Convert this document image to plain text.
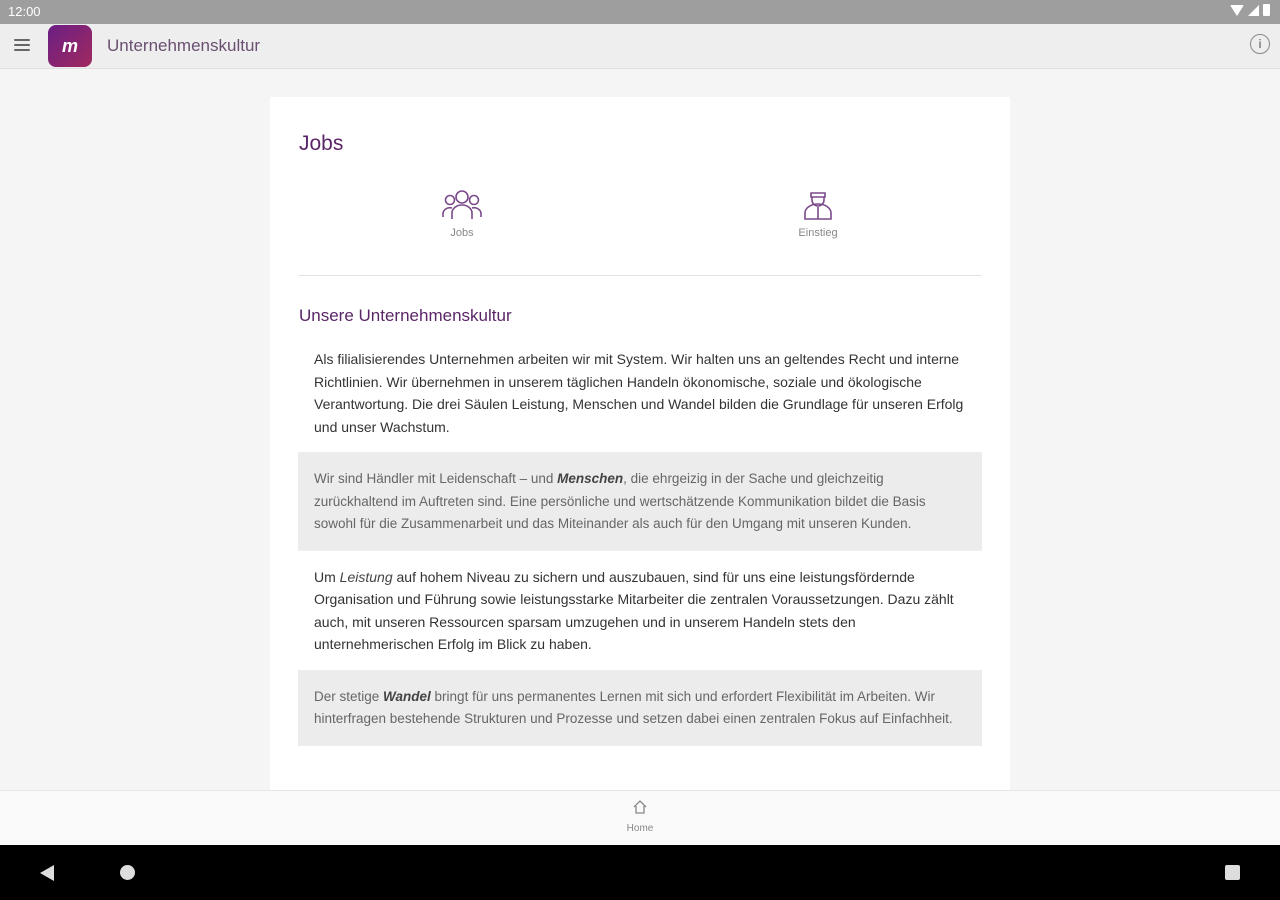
12:00
m Unternehmenskultur	i
Jobs
Jobs	Einstieg
Unsere Unternehmenskultur
Als filialisierendes Unternehmen arbeiten wir mit System. Wir halten uns an geltendes Recht und interne Richtlinien. Wir übernehmen in unserem täglichen Handeln ökonomische, soziale und ökologische Verantwortung. Die drei Säulen Leistung, Menschen und Wandel bilden die Grundlage für unseren Erfolg und unser Wachstum.
Wir sind Händler mit Leidenschaft – und Menschen, die ehrgeizig in der Sache und gleichzeitig zurückhaltend im Auftreten sind. Eine persönliche und wertschätzende Kommunikation bildet die Basis sowohl für die Zusammenarbeit und das Miteinander als auch für den Umgang mit unseren Kunden.
Um Leistung auf hohem Niveau zu sichern und auszubauen, sind für uns eine leistungsfördernde Organisation und Führung sowie leistungsstarke Mitarbeiter die zentralen Voraussetzungen. Dazu zählt auch, mit unseren Ressourcen sparsam umzugehen und in unserem Handeln stets den unternehmerischen Erfolg im Blick zu haben.
Der stetige Wandel bringt für uns permanentes Lernen mit sich und erfordert Flexibilität im Arbeiten. Wir hinterfragen bestehende Strukturen und Prozesse und setzen dabei einen zentralen Fokus auf Einfachheit.
Home
